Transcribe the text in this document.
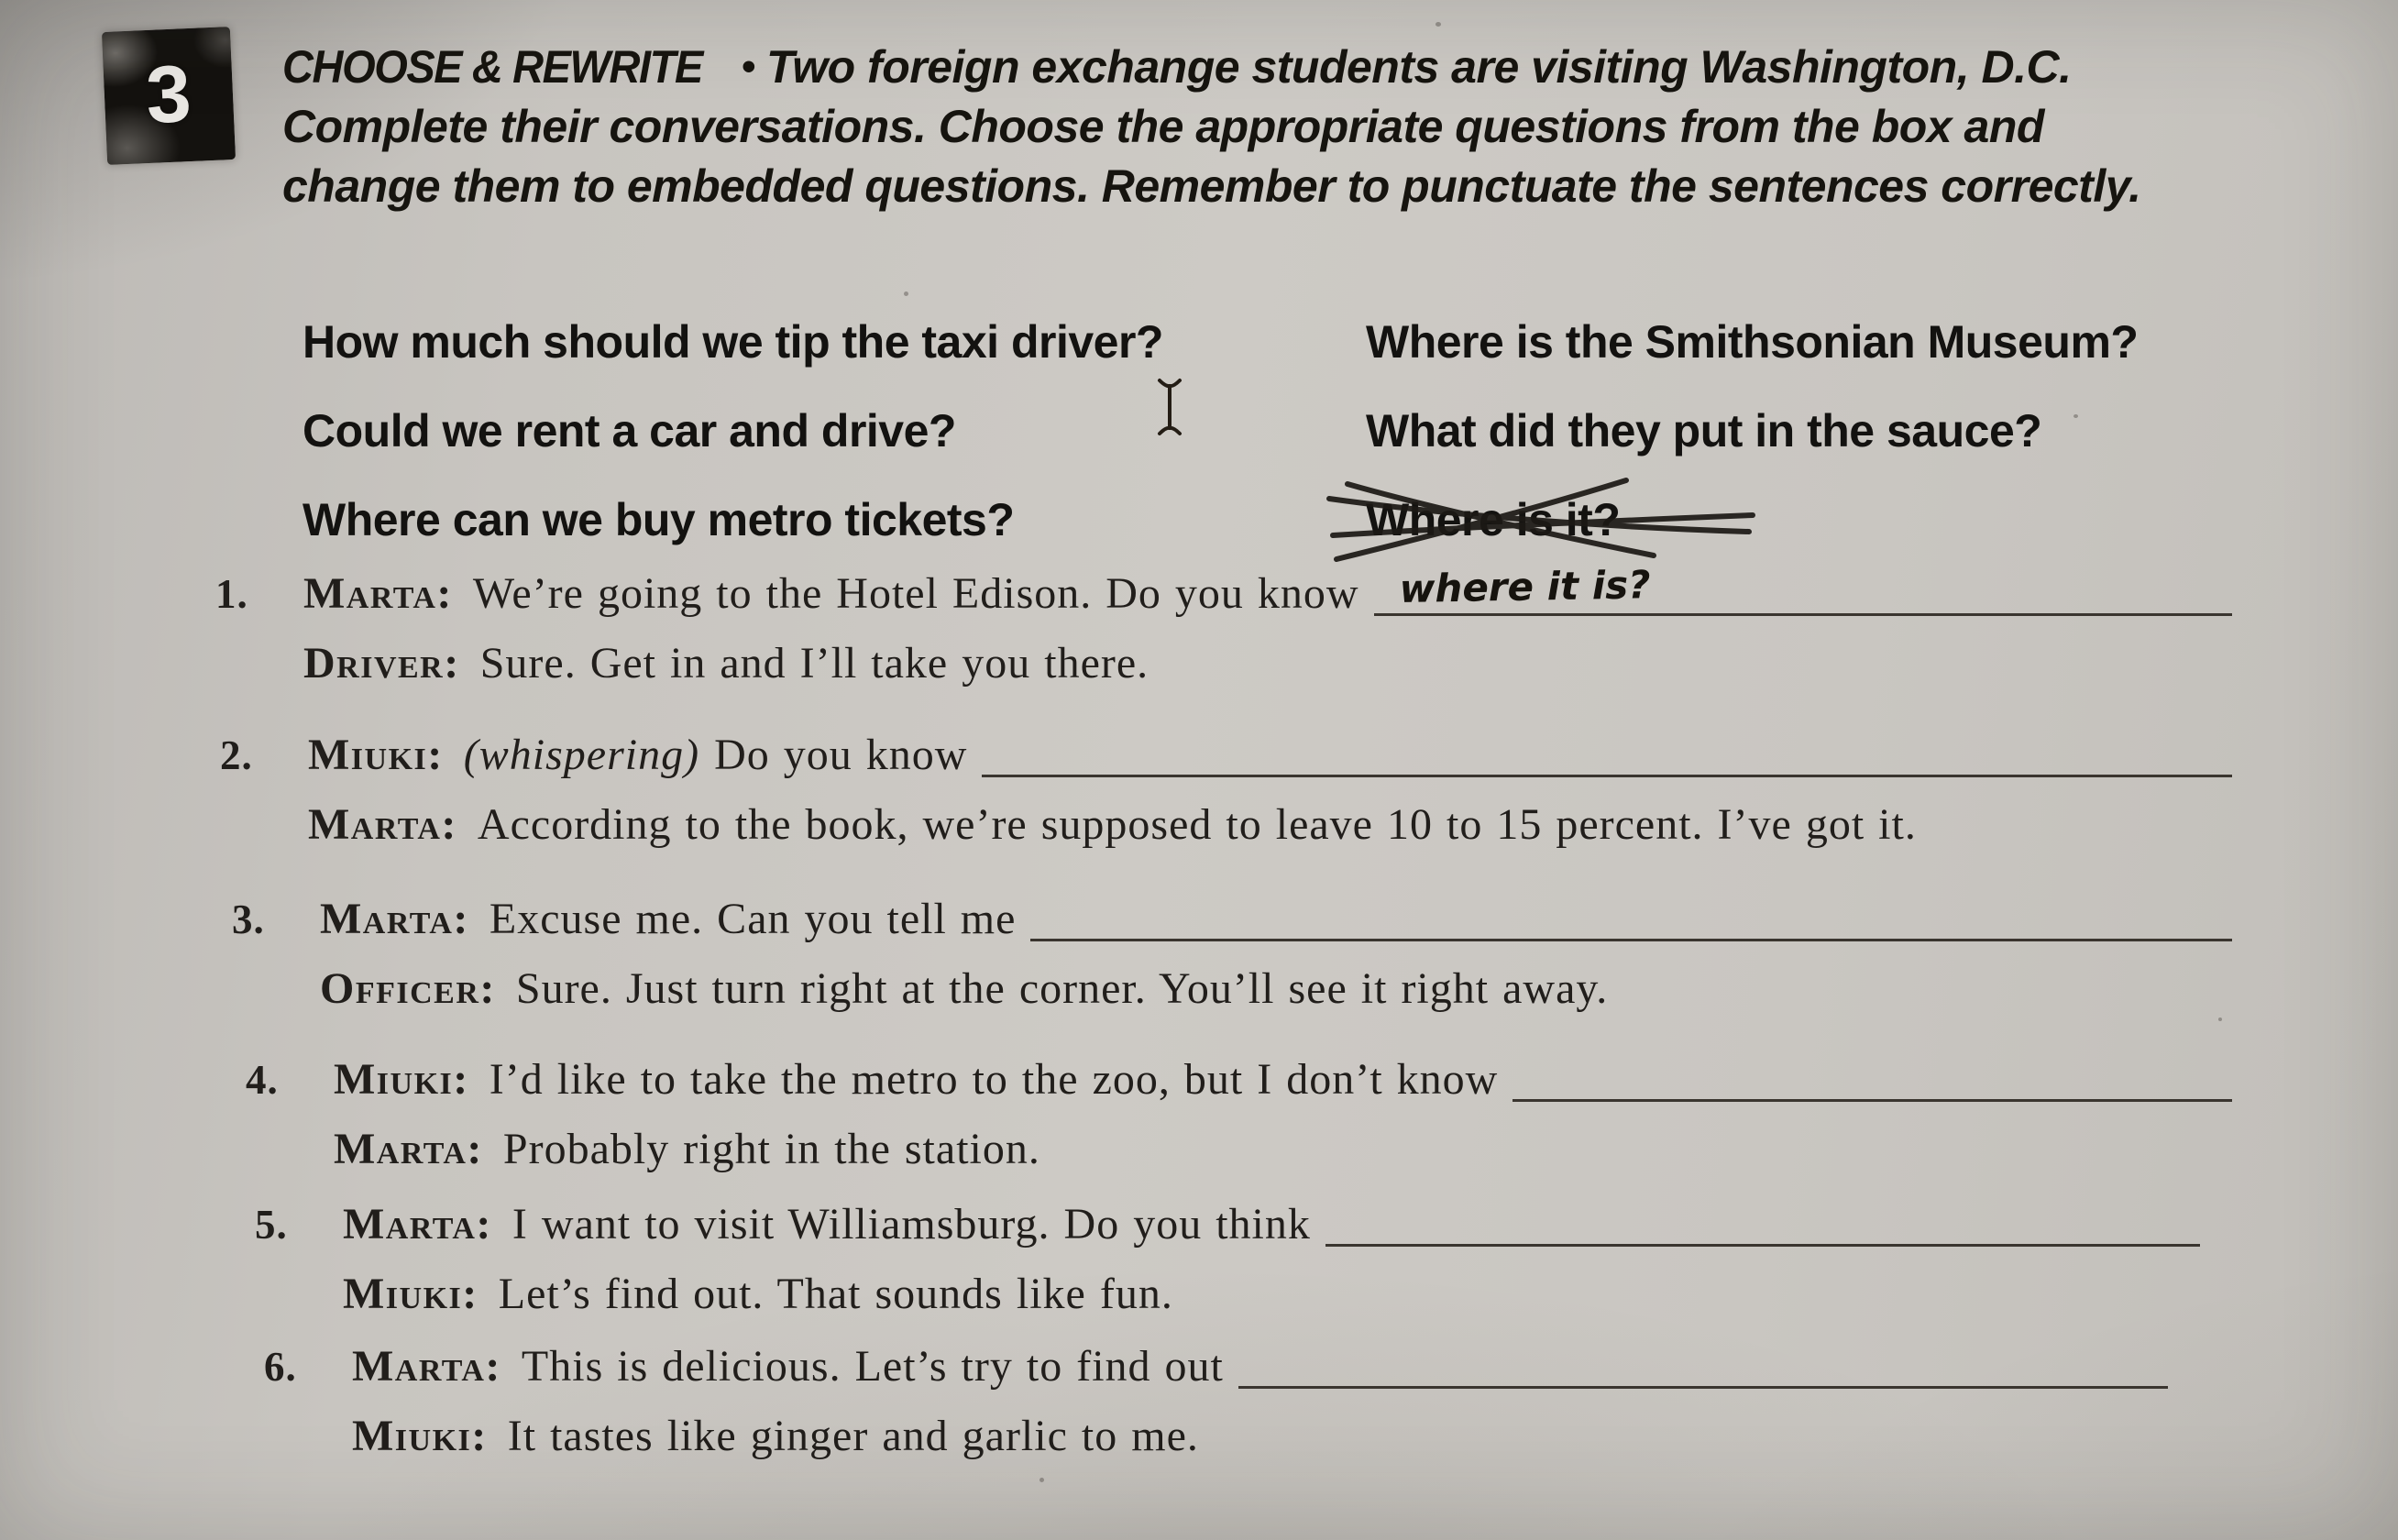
3 CHOOSE & REWRITE • Two foreign exchange students are visiting Washington, D.C.
Complete their conversations. Choose the appropriate questions from the box and
change them to embedded questions. Remember to punctuate the sentences correctly.
How much should we tip the taxi driver?	Where is the Smithsonian Museum?
Could we rent a car and drive?	What did they put in the sauce?
Where can we buy metro tickets?	Where is it?
1.	Marta: We’re going to the Hotel Edison. Do you know where it is?
Driver: Sure. Get in and I’ll take you there.
2.	Miuki: (whispering) Do you know
Marta: According to the book, we’re supposed to leave 10 to 15 percent. I’ve got it.
3.	Marta: Excuse me. Can you tell me
Officer: Sure. Just turn right at the corner. You’ll see it right away.
4.	Miuki: I’d like to take the metro to the zoo, but I don’t know
Marta: Probably right in the station.
5.	Marta: I want to visit Williamsburg. Do you think
Miuki: Let’s find out. That sounds like fun.
6.	Marta: This is delicious. Let’s try to find out
Miuki: It tastes like ginger and garlic to me.
